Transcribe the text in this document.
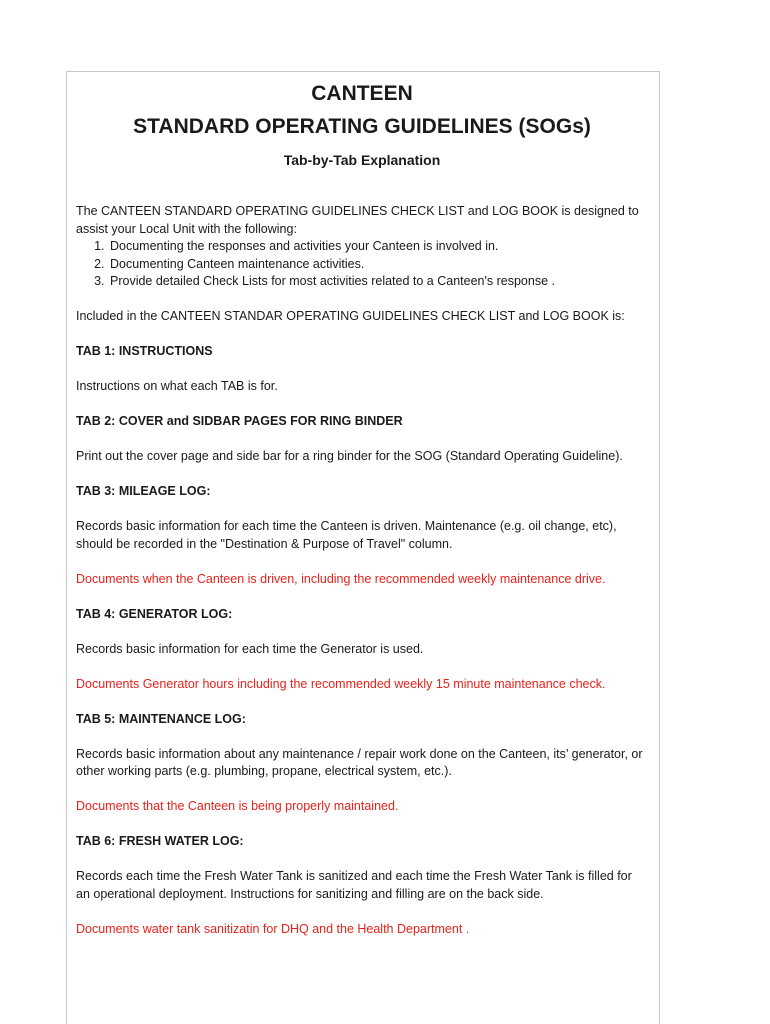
CANTEEN
STANDARD OPERATING GUIDELINES (SOGs)
Tab-by-Tab Explanation

The CANTEEN STANDARD OPERATING GUIDELINES CHECK LIST and LOG BOOK is designed to assist your Local Unit with the following:

1. Documenting the responses and activities your Canteen is involved in.
2. Documenting Canteen maintenance activities.
3. Provide detailed Check Lists for most activities related to a Canteen's response .

Included in the CANTEEN STANDAR OPERATING GUIDELINES CHECK LIST and LOG BOOK is:

TAB 1: INSTRUCTIONS

Instructions on what each TAB is for.

TAB 2: COVER and SIDBAR PAGES FOR RING BINDER

Print out the cover page and side bar for a ring binder for the SOG (Standard Operating Guideline).

TAB 3: MILEAGE LOG:

Records basic information for each time the Canteen is driven. Maintenance (e.g. oil change, etc), should be recorded in the "Destination & Purpose of Travel" column.

Documents when the Canteen is driven, including the recommended weekly maintenance drive.

TAB 4: GENERATOR LOG:

Records basic information for each time the Generator is used.

Documents Generator hours including the recommended weekly 15 minute maintenance check.

TAB 5: MAINTENANCE LOG:

Records basic information about any maintenance / repair work done on the Canteen, its’ generator, or other working parts (e.g. plumbing, propane, electrical system, etc.).

Documents that the Canteen is being properly maintained.

TAB 6: FRESH WATER LOG:

Records each time the Fresh Water Tank is sanitized and each time the Fresh Water Tank is filled for an operational deployment. Instructions for sanitizing and filling are on the back side.

Documents water tank sanitizatin for DHQ and the Health Department .
